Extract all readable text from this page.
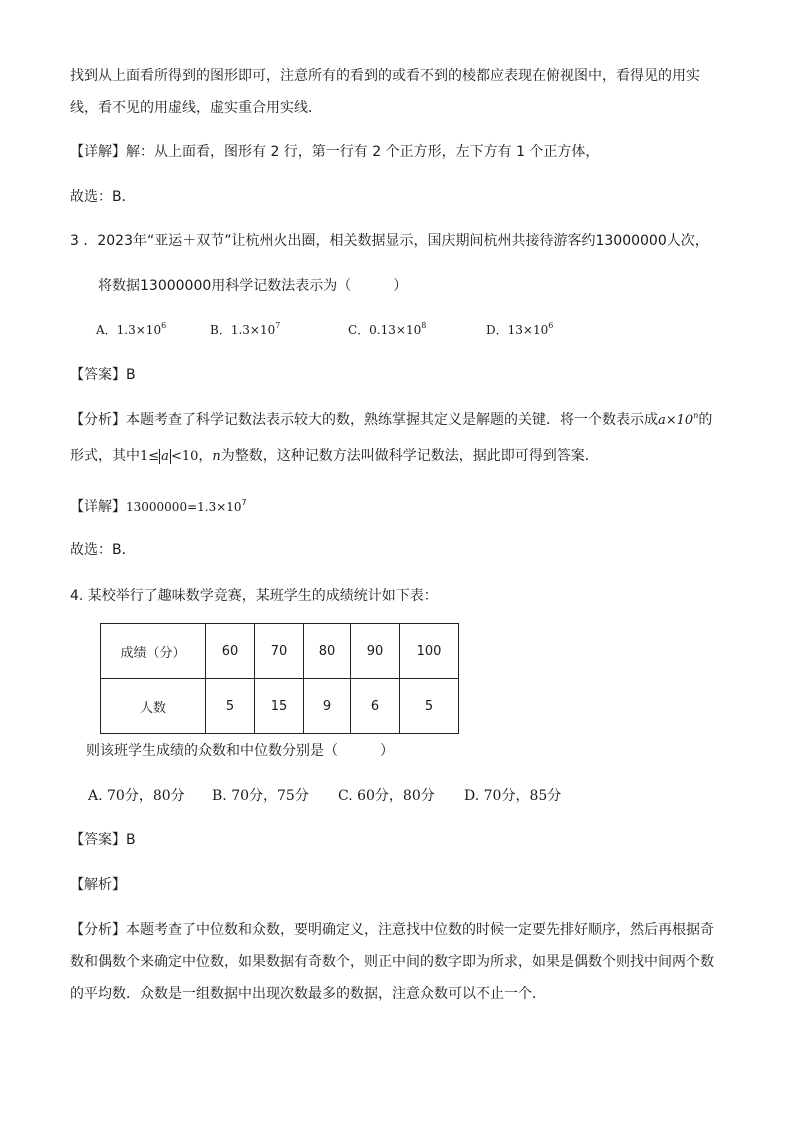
找到从上面看所得到的图形即可，注意所有的看到的或看不到的棱都应表现在俯视图中，看得见的用实
线，看不见的用虚线，虚实重合用实线．
【详解】解：从上面看，图形有 2 行，第一行有 2 个正方形，左下方有 1 个正方体，
故选：B．
3 ．2023年“亚运＋双节”让杭州火出圈，相关数据显示，国庆期间杭州共接待游客约13000000人次，
将数据13000000用科学记数法表示为（　　　）
A．$1.3\times 10^6$	B．$1.3\times 10^7$	C．$0.13\times 10^8$	D．$13\times 10^6$
【答案】B
【分析】本题考查了科学记数法表示较大的数，熟练掌握其定义是解题的关键．将一个数表示成$a\times 10^n$的
形式，其中1≤ a <10，n为整数，这种记数方法叫做科学记数法，据此即可得到答案．
【详解】$13000000=1.3\times 10^7$
故选：B．
4. 某校举行了趣味数学竞赛，某班学生的成绩统计如下表：
成绩（分）	60	70	80	90	100
人数	5	15	9	6	5
则该班学生成绩的众数和中位数分别是（　　　）
A. 70分，80分 B. 70分，75分 C. 60分，80分 D. 70分，85分
【答案】B
【解析】
【分析】本题考查了中位数和众数，要明确定义，注意找中位数的时候一定要先排好顺序，然后再根据奇
数和偶数个来确定中位数，如果数据有奇数个，则正中间的数字即为所求，如果是偶数个则找中间两个数
的平均数．众数是一组数据中出现次数最多的数据，注意众数可以不止一个．
